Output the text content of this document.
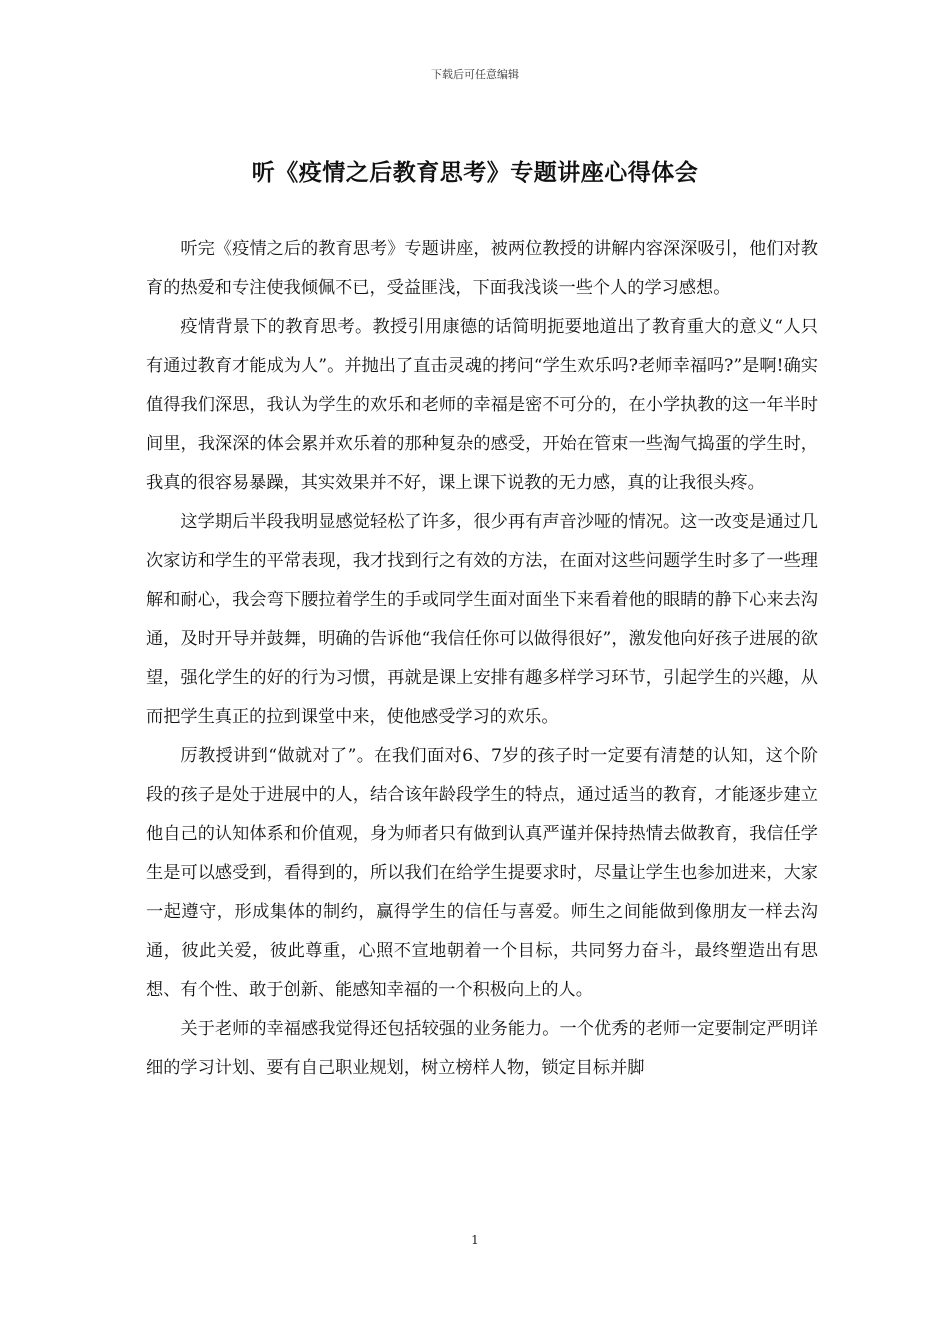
下载后可任意编辑
听《疫情之后教育思考》专题讲座心得体会

听完《疫情之后的教育思考》专题讲座，被两位教授的讲解内容深深吸引，他们对教育的热爱和专注使我倾佩不已，受益匪浅，下面我浅谈一些个人的学习感想。

疫情背景下的教育思考。教授引用康德的话简明扼要地道出了教育重大的意义“人只有通过教育才能成为人”。并抛出了直击灵魂的拷问“学生欢乐吗?老师幸福吗?”是啊!确实值得我们深思，我认为学生的欢乐和老师的幸福是密不可分的，在小学执教的这一年半时间里，我深深的体会累并欢乐着的那种复杂的感受，开始在管束一些淘气捣蛋的学生时，我真的很容易暴躁，其实效果并不好，课上课下说教的无力感，真的让我很头疼。

这学期后半段我明显感觉轻松了许多，很少再有声音沙哑的情况。这一改变是通过几次家访和学生的平常表现，我才找到行之有效的方法，在面对这些问题学生时多了一些理解和耐心，我会弯下腰拉着学生的手或同学生面对面坐下来看着他的眼睛的静下心来去沟通，及时开导并鼓舞，明确的告诉他“我信任你可以做得很好”，激发他向好孩子进展的欲望，强化学生的好的行为习惯，再就是课上安排有趣多样学习环节，引起学生的兴趣，从而把学生真正的拉到课堂中来，使他感受学习的欢乐。

厉教授讲到“做就对了”。在我们面对6、7岁的孩子时一定要有清楚的认知，这个阶段的孩子是处于进展中的人，结合该年龄段学生的特点，通过适当的教育，才能逐步建立他自己的认知体系和价值观，身为师者只有做到认真严谨并保持热情去做教育，我信任学生是可以感受到，看得到的，所以我们在给学生提要求时，尽量让学生也参加进来，大家一起遵守，形成集体的制约，赢得学生的信任与喜爱。师生之间能做到像朋友一样去沟通，彼此关爱，彼此尊重，心照不宣地朝着一个目标，共同努力奋斗，最终塑造出有思想、有个性、敢于创新、能感知幸福的一个积极向上的人。

关于老师的幸福感我觉得还包括较强的业务能力。一个优秀的老师一定要制定严明详细的学习计划、要有自己职业规划，树立榜样人物，锁定目标并脚

1
